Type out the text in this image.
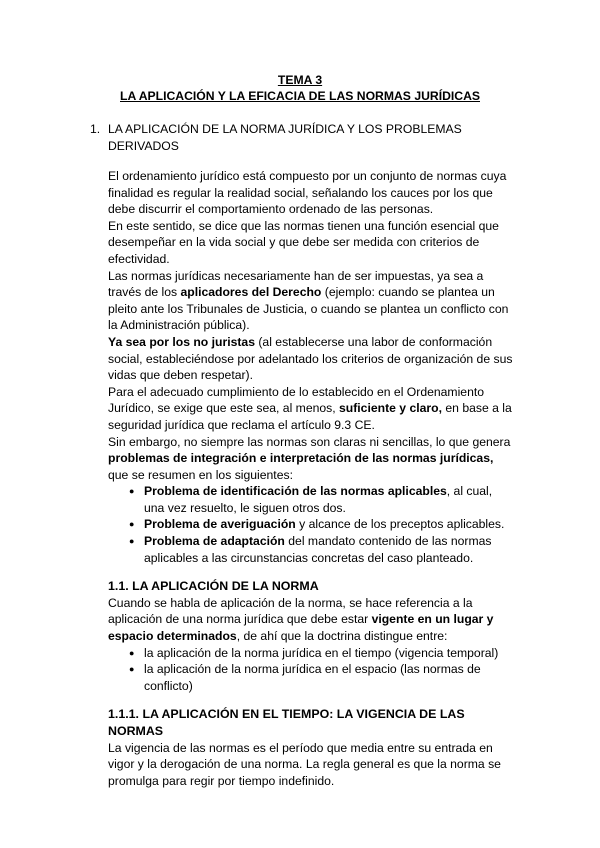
TEMA 3
LA APLICACIÓN Y LA EFICACIA DE LAS NORMAS JURÍDICAS
1. LA APLICACIÓN DE LA NORMA JURÍDICA Y LOS PROBLEMAS DERIVADOS

El ordenamiento jurídico está compuesto por un conjunto de normas cuya finalidad es regular la realidad social, señalando los cauces por los que debe discurrir el comportamiento ordenado de las personas.

En este sentido, se dice que las normas tienen una función esencial que desempeñar en la vida social y que debe ser medida con criterios de efectividad.

Las normas jurídicas necesariamente han de ser impuestas, ya sea a través de los aplicadores del Derecho (ejemplo: cuando se plantea un pleito ante los Tribunales de Justicia, o cuando se plantea un conflicto con la Administración pública).

Ya sea por los no juristas (al establecerse una labor de conformación social, estableciéndose por adelantado los criterios de organización de sus vidas que deben respetar).

Para el adecuado cumplimiento de lo establecido en el Ordenamiento Jurídico, se exige que este sea, al menos, suficiente y claro, en base a la seguridad jurídica que reclama el artículo 9.3 CE.

Sin embargo, no siempre las normas son claras ni sencillas, lo que genera problemas de integración e interpretación de las normas jurídicas, que se resumen en los siguientes:

● Problema de identificación de las normas aplicables, al cual, una vez resuelto, le siguen otros dos.
● Problema de averiguación y alcance de los preceptos aplicables.
● Problema de adaptación del mandato contenido de las normas aplicables a las circunstancias concretas del caso planteado.
1.1. LA APLICACIÓN DE LA NORMA

Cuando se habla de aplicación de la norma, se hace referencia a la aplicación de una norma jurídica que debe estar vigente en un lugar y espacio determinados, de ahí que la doctrina distingue entre:

● la aplicación de la norma jurídica en el tiempo (vigencia temporal)
● la aplicación de la norma jurídica en el espacio (las normas de conflicto)
1.1.1. LA APLICACIÓN EN EL TIEMPO: LA VIGENCIA DE LAS NORMAS

La vigencia de las normas es el período que media entre su entrada en vigor y la derogación de una norma. La regla general es que la norma se promulga para regir por tiempo indefinido.
